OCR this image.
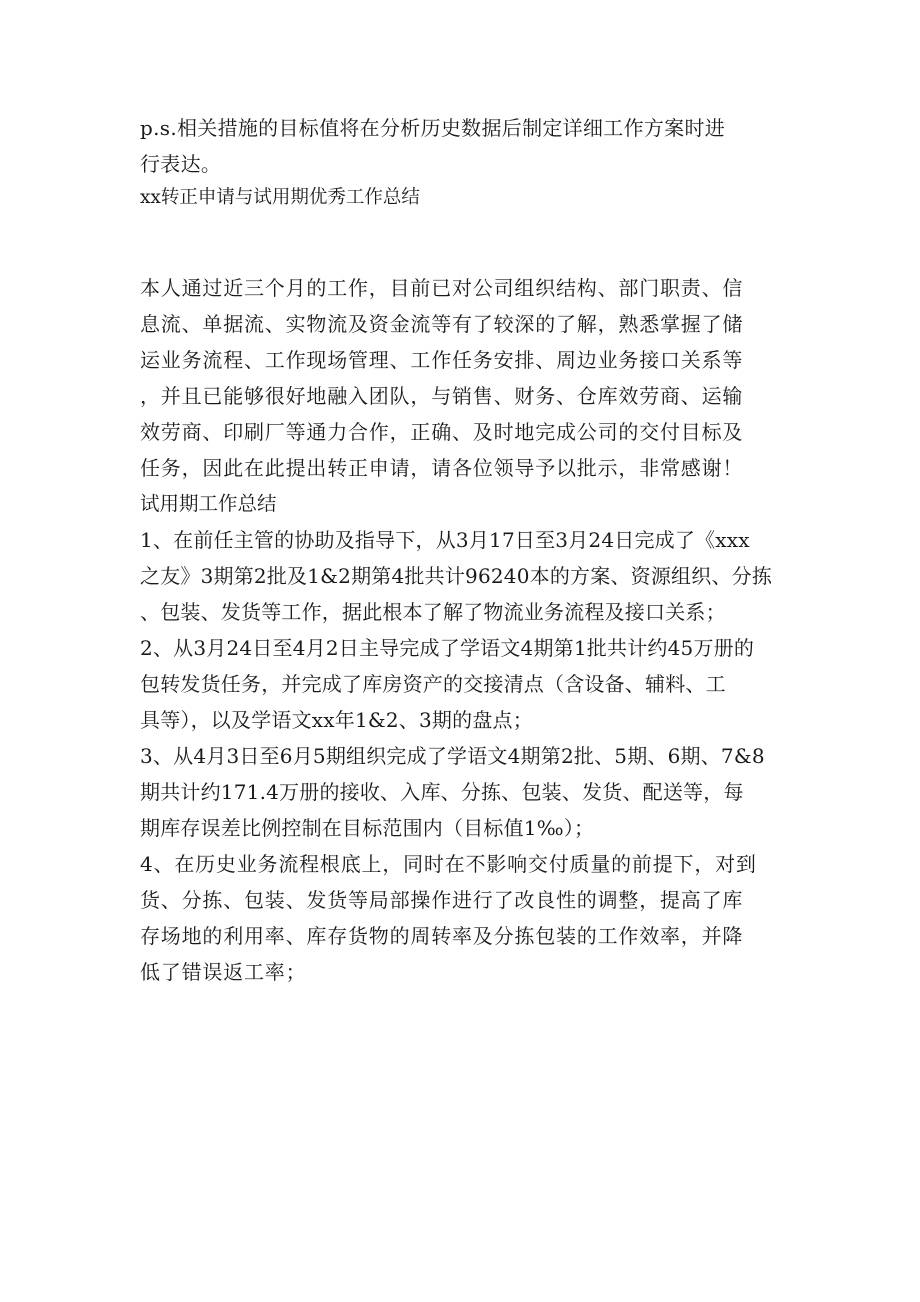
p.s.相关措施的目标值将在分析历史数据后制定详细工作方案时进
行表达。
xx转正申请与试用期优秀工作总结
本人通过近三个月的工作，目前已对公司组织结构、部门职责、信
息流、单据流、实物流及资金流等有了较深的了解，熟悉掌握了储
运业务流程、工作现场管理、工作任务安排、周边业务接口关系等
，并且已能够很好地融入团队，与销售、财务、仓库效劳商、运输
效劳商、印刷厂等通力合作，正确、及时地完成公司的交付目标及
任务，因此在此提出转正申请，请各位领导予以批示，非常感谢！
试用期工作总结
1、在前任主管的协助及指导下，从3月17日至3月24日完成了《xxx
之友》3期第2批及1&2期第4批共计96240本的方案、资源组织、分拣
、包装、发货等工作，据此根本了解了物流业务流程及接口关系；
2、从3月24日至4月2日主导完成了学语文4期第1批共计约45万册的
包转发货任务，并完成了库房资产的交接清点（含设备、辅料、工
具等），以及学语文xx年1&2、3期的盘点；
3、从4月3日至6月5期组织完成了学语文4期第2批、5期、6期、7&8
期共计约171.4万册的接收、入库、分拣、包装、发货、配送等，每
期库存误差比例控制在目标范围内（目标值1‰）；
4、在历史业务流程根底上，同时在不影响交付质量的前提下，对到
货、分拣、包装、发货等局部操作进行了改良性的调整，提高了库
存场地的利用率、库存货物的周转率及分拣包装的工作效率，并降
低了错误返工率；
